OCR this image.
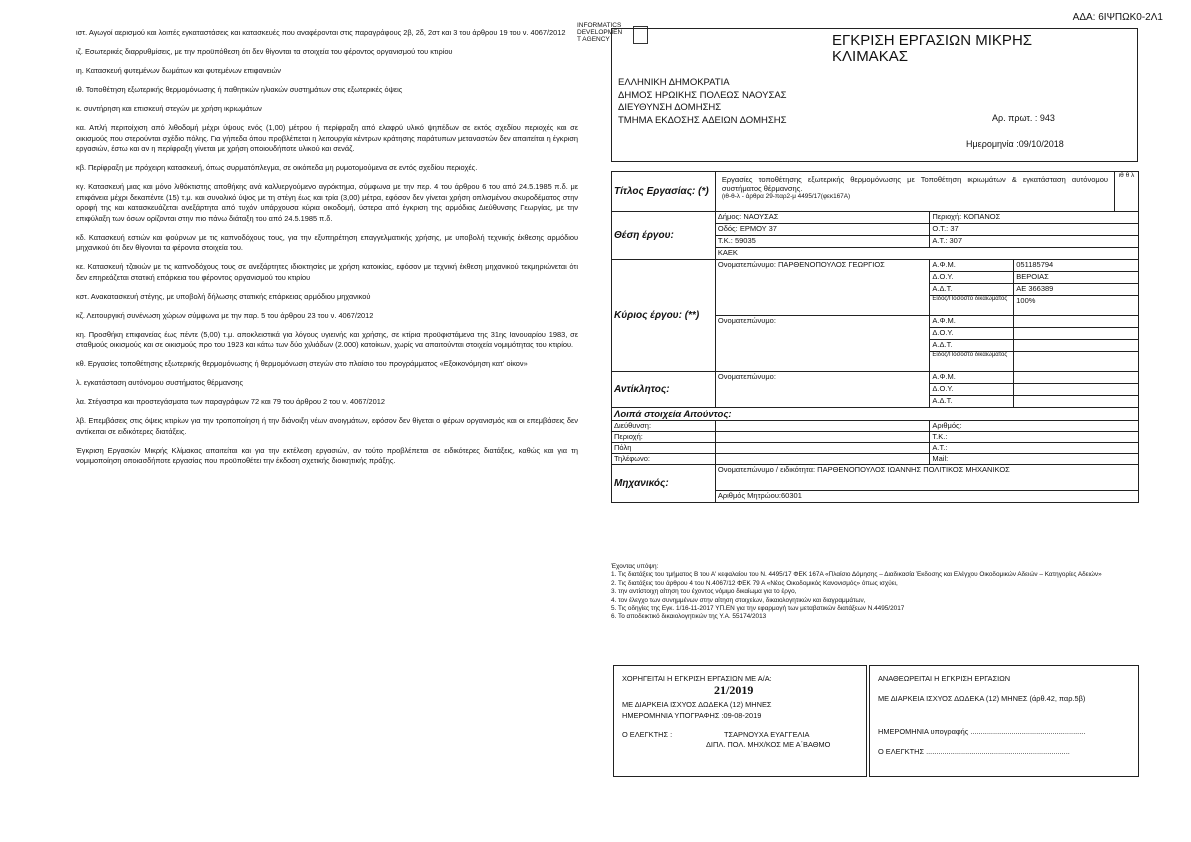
ΑΔΑ: 6ΙΨΠΩΚ0-2Λ1

ιστ. Αγωγοί αερισμού και λοιπές εγκαταστάσεις και κατασκευές που αναφέρονται στις παραγράφους 2β, 2δ, 2στ και 3 του άρθρου 19 του ν. 4067/2012

ιζ. Εσωτερικές διαρρυθμίσεις, με την προϋπόθεση ότι δεν θίγονται τα στοιχεία του φέροντος οργανισμού του κτιρίου

ιη. Κατασκευή φυτεμένων δωμάτων και φυτεμένων επιφανειών

ιθ. Τοποθέτηση εξωτερικής θερμομόνωσης ή παθητικών ηλιακών συστημάτων στις εξωτερικές όψεις

κ. συντήρηση και επισκευή στεγών με χρήση ικριωμάτων

κα. Απλή περιτοίχιση από λιθοδομή μέχρι ύψους ενός (1,00) μέτρου ή περίφραξη από ελαφρύ υλικό ψηπέδων σε εκτός σχεδίου περιοχές και σε οικισμούς που στερούνται σχέδιο πόλης. Για γήπεδα όπου προβλέπεται η λειτουργία κέντρων κράτησης παράτυπων μεταναστών δεν απαιτείται η έγκριση εργασιών, έστω και αν η περίφραξη γίνεται με χρήση οποιουδήποτε υλικού και σενάζ.

κβ. Περίφραξη με πρόχειρη κατασκευή, όπως συρματόπλεγμα, σε οικόπεδα μη ρυμοτομούμενα σε εντός σχεδίου περιοχές.

κγ. Κατασκευή μιας και μόνο λιθόκτιστης αποθήκης ανά καλλιεργούμενο αγρόκτημα, σύμφωνα με την περ. 4 του άρθρου 6 του από 24.5.1985 π.δ. με επιφάνεια μέχρι δεκαπέντε (15) τ.μ. και συνολικό ύψος με τη στέγη έως και τρία (3,00) μέτρα, εφόσον δεν γίνεται χρήση οπλισμένου σκυροδέματος στην οροφή της και κατασκευάζεται ανεξάρτητα από τυχόν υπάρχουσα κύρια οικοδομή, ύστερα από έγκριση της αρμόδιας Διεύθυνσης Γεωργίας, με την επιφύλαξη των όσων ορίζονται στην πιο πάνω διάταξη του από 24.5.1985 π.δ.

κδ. Κατασκευή εστιών και φούρνων με τις καπνοδόχους τους, για την εξυπηρέτηση επαγγελματικής χρήσης, με υποβολή τεχνικής έκθεσης αρμόδιου μηχανικού ότι δεν θίγονται τα φέροντα στοιχεία του.

κε. Κατασκευή τζακιών με τις καπνοδόχους τους σε ανεξάρτητες ιδιοκτησίες με χρήση κατοικίας, εφόσον με τεχνική έκθεση μηχανικού τεκμηριώνεται ότι δεν επηρεάζεται στατική επάρκεια του φέροντος οργανισμού του κτιρίου

κστ. Ανακατασκευή στέγης, με υποβολή δήλωσης στατικής επάρκειας αρμόδιου μηχανικού

κζ. Λειτουργική συνένωση χώρων σύμφωνα με την παρ. 5 του άρθρου 23 του ν. 4067/2012

κη. Προσθήκη επιφανείας έως πέντε (5,00) τ.μ. αποκλειστικά για λόγους υγιεινής και χρήσης, σε κτίρια προϋφιστάμενα της 31ης Ιανουαρίου 1983, σε σταθμούς οικισμούς και σε οικισμούς προ του 1923 και κάτω των δύο χιλιάδων (2.000) κατοίκων, χωρίς να απαιτούνται στοιχεία νομιμότητας του κτιρίου.

κθ. Εργασίες τοποθέτησης εξωτερικής θερμομόνωσης ή θερμομόνωση στεγών στο πλαίσιο του προγράμματος «Εξοικονόμηση κατ' οίκον»

λ. εγκατάσταση αυτόνομου συστήματος θέρμανσης

λα. Στέγαστρα και προστεγάσματα των παραγράφων 72 και 79 του άρθρου 2 του ν. 4067/2012

λβ. Επεμβάσεις στις όψεις κτιρίων για την τροποποίηση ή την διάνοιξη νέων ανοιγμάτων, εφόσον δεν θίγεται ο φέρων οργανισμός και οι επεμβάσεις δεν αντίκειται σε ειδικότερες διατάξεις.

Έγκριση Εργασιών Μικρής Κλίμακας απαιτείται και για την εκτέλεση εργασιών, αν τούτο προβλέπεται σε ειδικότερες διατάξεις, καθώς και για τη νομιμοποίηση οποιασδήποτε εργασίας που προϋποθέτει την έκδοση σχετικής διοικητικής πράξης.

INFORMATICS
DEVELOPMEN
T AGENCY	ΕΓΚΡΙΣΗ ΕΡΓΑΣΙΩΝ ΜΙΚΡΗΣ ΚΛΙΜΑΚΑΣ
ΕΛΛΗΝΙΚΗ ΔΗΜΟΚΡΑΤΙΑ
ΔΗΜΟΣ ΗΡΩΙΚΗΣ ΠΟΛΕΩΣ ΝΑΟΥΣΑΣ
ΔΙΕΥΘΥΝΣΗ ΔΟΜΗΣΗΣ
ΤΜΗΜΑ ΕΚΔΟΣΗΣ ΑΔΕΙΩΝ ΔΟΜΗΣΗΣ	Αρ. πρωτ. : 943
Ημερομηνία :09/10/2018
Τίτλος Εργασίας: (*)	Εργασίες τοποθέτησης εξωτερικής θερμομόνωσης με Τοποθέτηση ικριωμάτων & εγκατάσταση αυτόνομου συστήματος θέρμανσης.
(ιθ-θ-λ - άρθρα 29-παρ2-μ 4495/17(φεκ167Α)			ιθ θ λ
Θέση έργου:	Δήμος: ΝΑΟΥΣΑΣ	Περιοχή: ΚΟΠΑΝΟΣ		
	Οδός: ΕΡΜΟΥ 37	Ο.Τ.: 37		
	Τ.Κ.: 59035	Α.Τ.: 307		
	ΚΑΕΚ			
Κύριος έργου: (**)	Ονοματεπώνυμο: ΠΑΡΘΕΝΟΠΟΥΛΟΣ ΓΕΩΡΓΙΟΣ	Α.Φ.Μ.	051185794	
		Δ.Ο.Υ.	ΒΕΡΟΙΑΣ	
		Α.Δ.Τ.	ΑΕ 366389	
		Είδος/Ποσοστό δικαιώματος	100%	
	Ονοματεπώνυμο:	Α.Φ.Μ.		
		Δ.Ο.Υ.		
		Α.Δ.Τ.		
		Είδος/Ποσοστό δικαιώματος		
Αντίκλητος:	Ονοματεπώνυμο:	Α.Φ.Μ.		
		Δ.Ο.Υ.		
		Α.Δ.Τ.		
Λοιπά στοιχεία Αιτούντος:				
Διεύθυνση:		Αριθμός:		
Περιοχή:		Τ.Κ.:		
Πόλη		Α.Τ.:		
Τηλέφωνο:		Mail:		
Μηχανικός:	Ονοματεπώνυμο / ειδικότητα: ΠΑΡΘΕΝΟΠΟΥΛΟΣ ΙΩΑΝΝΗΣ ΠΟΛΙΤΙΚΟΣ ΜΗΧΑΝΙΚΟΣ			
	Αριθμός Μητρώου:60301			
Έχοντας υπόψη:
1. Τις διατάξεις του τμήματος Β του Α' κεφαλαίου του Ν. 4495/17 ΦΕΚ 167Α «Πλαίσιο Δόμησης – Διαδικασία Έκδοσης και Ελέγχου Οικοδομικών Αδειών – Κατηγορίες Αδειών»
2. Τις διατάξεις του άρθρου 4 του Ν.4067/12 ΦΕΚ 79 Α «Νέος Οικοδομικός Κανονισμός» όπως ισχύει,
3. την αντίστοιχη αίτηση του έχοντος νόμιμο δικαίωμα για το έργο,
4. τον έλεγχο των συνημμένων στην αίτηση στοιχείων, δικαιολογητικών και διαγραμμάτων,
5. Τις οδηγίες της Εγκ. 1/16-11-2017 ΥΠ.ΕΝ για την εφαρμογή των μεταβατικών διατάξεων Ν.4495/2017
6. Το αποδεικτικό δικαιολογητικών της Υ.Α. 55174/2013
ΧΟΡΗΓΕΙΤΑΙ Η ΕΓΚΡΙΣΗ ΕΡΓΑΣΙΩΝ ΜΕ Α/Α:
21/2019
ΜΕ ΔΙΑΡΚΕΙΑ ΙΣΧΥΟΣ ΔΩΔΕΚΑ (12) ΜΗΝΕΣ
ΗΜΕΡΟΜΗΝΙΑ ΥΠΟΓΡΑΦΗΣ :09-08-2019
Ο ΕΛΕΓΚΤΗΣ :	ΤΣΑΡΝΟΥΧΑ ΕΥΑΓΓΕΛΙΑ
ΔΙΠΛ. ΠΟΛ. ΜΗΧ/ΚΟΣ ΜΕ Α΄ΒΑΘΜΟ
ΑΝΑΘΕΩΡΕΙΤΑΙ Η ΕΓΚΡΙΣΗ ΕΡΓΑΣΙΩΝ
ΜΕ ΔΙΑΡΚΕΙΑ ΙΣΧΥΟΣ ΔΩΔΕΚΑ (12) ΜΗΝΕΣ (άρθ.42, παρ.5β)
ΗΜΕΡΟΜΗΝΙΑ υπογραφής ........................................................
Ο ΕΛΕΓΚΤΗΣ ......................................................................
